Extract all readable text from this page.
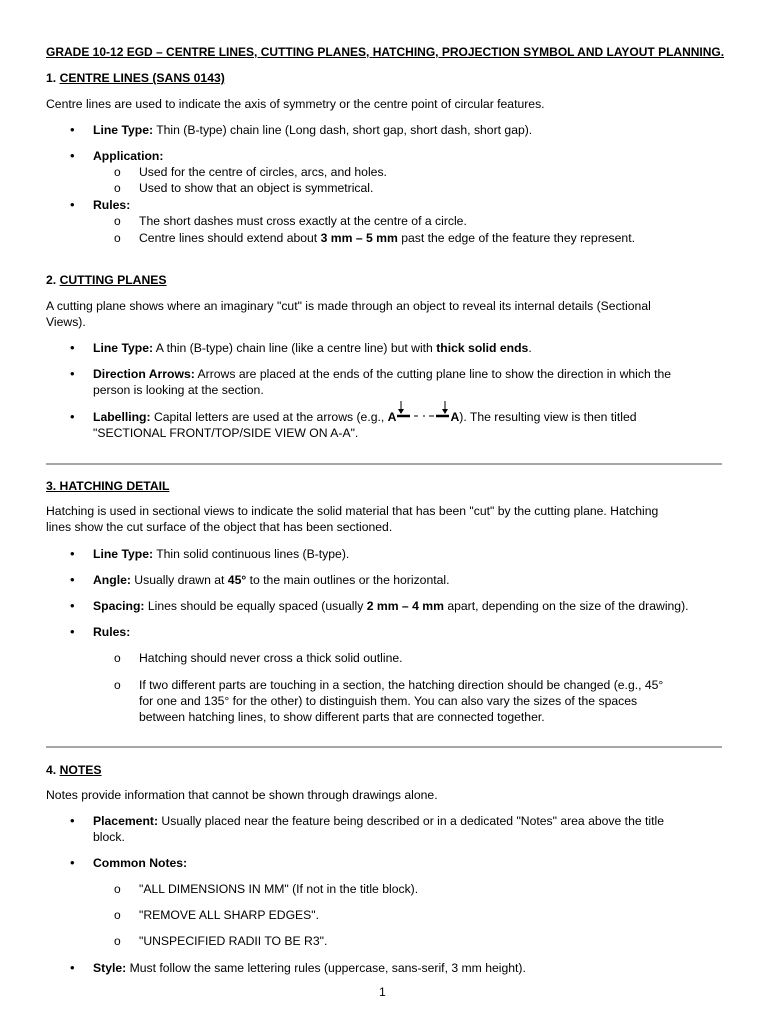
GRADE 10-12 EGD – CENTRE LINES, CUTTING PLANES, HATCHING, PROJECTION SYMBOL AND LAYOUT PLANNING.
1. CENTRE LINES (SANS 0143)
Centre lines are used to indicate the axis of symmetry or the centre point of circular features.
• Line Type: Thin (B-type) chain line (Long dash, short gap, short dash, short gap).
• Application:
o Used for the centre of circles, arcs, and holes.
o Used to show that an object is symmetrical.
• Rules:
o The short dashes must cross exactly at the centre of a circle.
o Centre lines should extend about 3 mm – 5 mm past the edge of the feature they represent.
2. CUTTING PLANES
A cutting plane shows where an imaginary "cut" is made through an object to reveal its internal details (Sectional
Views).
• Line Type: A thin (B-type) chain line (like a centre line) but with thick solid ends.
• Direction Arrows: Arrows are placed at the ends of the cutting plane line to show the direction in which the
person is looking at the section.
• Labelling: Capital letters are used at the arrows (e.g., A	A). The resulting view is then titled
"SECTIONAL FRONT/TOP/SIDE VIEW ON A-A".
3. HATCHING DETAIL
Hatching is used in sectional views to indicate the solid material that has been "cut" by the cutting plane. Hatching
lines show the cut surface of the object that has been sectioned.
• Line Type: Thin solid continuous lines (B-type).
• Angle: Usually drawn at 45° to the main outlines or the horizontal.
• Spacing: Lines should be equally spaced (usually 2 mm – 4 mm apart, depending on the size of the drawing).
• Rules:
o Hatching should never cross a thick solid outline.
o If two different parts are touching in a section, the hatching direction should be changed (e.g., 45°
for one and 135° for the other) to distinguish them. You can also vary the sizes of the spaces
between hatching lines, to show different parts that are connected together.
4. NOTES
Notes provide information that cannot be shown through drawings alone.
• Placement: Usually placed near the feature being described or in a dedicated "Notes" area above the title
block.
• Common Notes:
o "ALL DIMENSIONS IN MM" (If not in the title block).
o "REMOVE ALL SHARP EDGES".
o "UNSPECIFIED RADII TO BE R3".
• Style: Must follow the same lettering rules (uppercase, sans-serif, 3 mm height).
1
